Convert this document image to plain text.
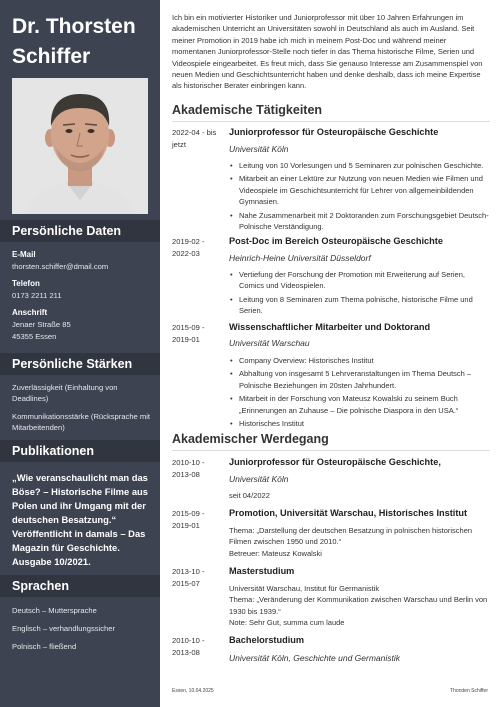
Dr. Thorsten Schiffer
Persönliche Daten
E-Mail
thorsten.schiffer@dmail.com
Telefon
0173 2211 211
Anschrift
Jenaer Straße 85
45355 Essen
Persönliche Stärken
Zuverlässigkeit (Einhaltung von Deadlines)
Kommunikationsstärke (Rücksprache mit Mitarbeitenden)
Publikationen
„Wie veranschaulicht man das Böse? – Historische Filme aus Polen und ihr Umgang mit der deutschen Besatzung.“ Veröffentlicht in damals – Das Magazin für Geschichte. Ausgabe 10/2021.
Sprachen
Deutsch – Muttersprache
Englisch – verhandlungssicher
Polnisch – fließend
Ich bin ein motivierter Historiker und Juniorprofessor mit über 10 Jahren Erfahrungen im akademischen Unterricht an Universitäten sowohl in Deutschland als auch im Ausland. Seit meiner Promotion in 2019 habe ich mich in meinem Post-Doc und während meiner momentanen Juniorprofessor-Stelle noch tiefer in das Thema historische Filme, Serien und Videospiele eingearbeitet. Es freut mich, dass Sie genauso Interesse am Zusammenspiel von neuen Medien und Geschichtsunterricht haben und denke deshalb, dass ich meine Expertise als historischer Berater einbringen kann.
Akademische Tätigkeiten
2022-04 - bis jetzt
Juniorprofessor für Osteuropäische Geschichte
Universität Köln
• Leitung von 10 Vorlesungen und 5 Seminaren zur polnischen Geschichte.
• Mitarbeit an einer Lektüre zur Nutzung von neuen Medien wie Filmen und Videospiele im Geschichtsunterricht für Lehrer von allgemeinbildenden Gymnasien.
• Nahe Zusammenarbeit mit 2 Doktoranden zum Forschungsgebiet Deutsch-Polnische Verständigung.
2019-02 - 2022-03
Post-Doc im Bereich Osteuropäische Geschichte
Heinrich-Heine Universität Düsseldorf
• Vertiefung der Forschung der Promotion mit Erweiterung auf Serien, Comics und Videospielen.
• Leitung von 8 Seminaren zum Thema polnische, historische Filme und Serien.
2015-09 - 2019-01
Wissenschaftlicher Mitarbeiter und Doktorand
Universität Warschau
• Company Overview: Historisches Institut
• Abhaltung von insgesamt 5 Lehrveranstaltungen im Thema Deutsch – Polnische Beziehungen im 20sten Jahrhundert.
• Mitarbeit in der Forschung von Mateusz Kowalski zu seinem Buch „Erinnerungen an Zuhause – Die polnische Diaspora in den USA.“
• Historisches Institut
Akademischer Werdegang
2010-10 - 2013-08
Juniorprofessor für Osteuropäische Geschichte,
Universität Köln
seit 04/2022
2015-09 - 2019-01
Promotion, Universität Warschau, Historisches Institut
Thema: „Darstellung der deutschen Besatzung in polnischen historischen Filmen zwischen 1950 und 2010.“
Betreuer: Mateusz Kowalski
2013-10 - 2015-07
Masterstudium
Universität Warschau, Institut für Germanistik
Thema: „Veränderung der Kommunikation zwischen Warschau und Berlin von 1930 bis 1939.“
Note: Sehr Gut, summa cum laude
2010-10 - 2013-08
Bachelorstudium
Universität Köln, Geschichte und Germanistik
Essen, 10.04.2025	Thorsten Schiffer
